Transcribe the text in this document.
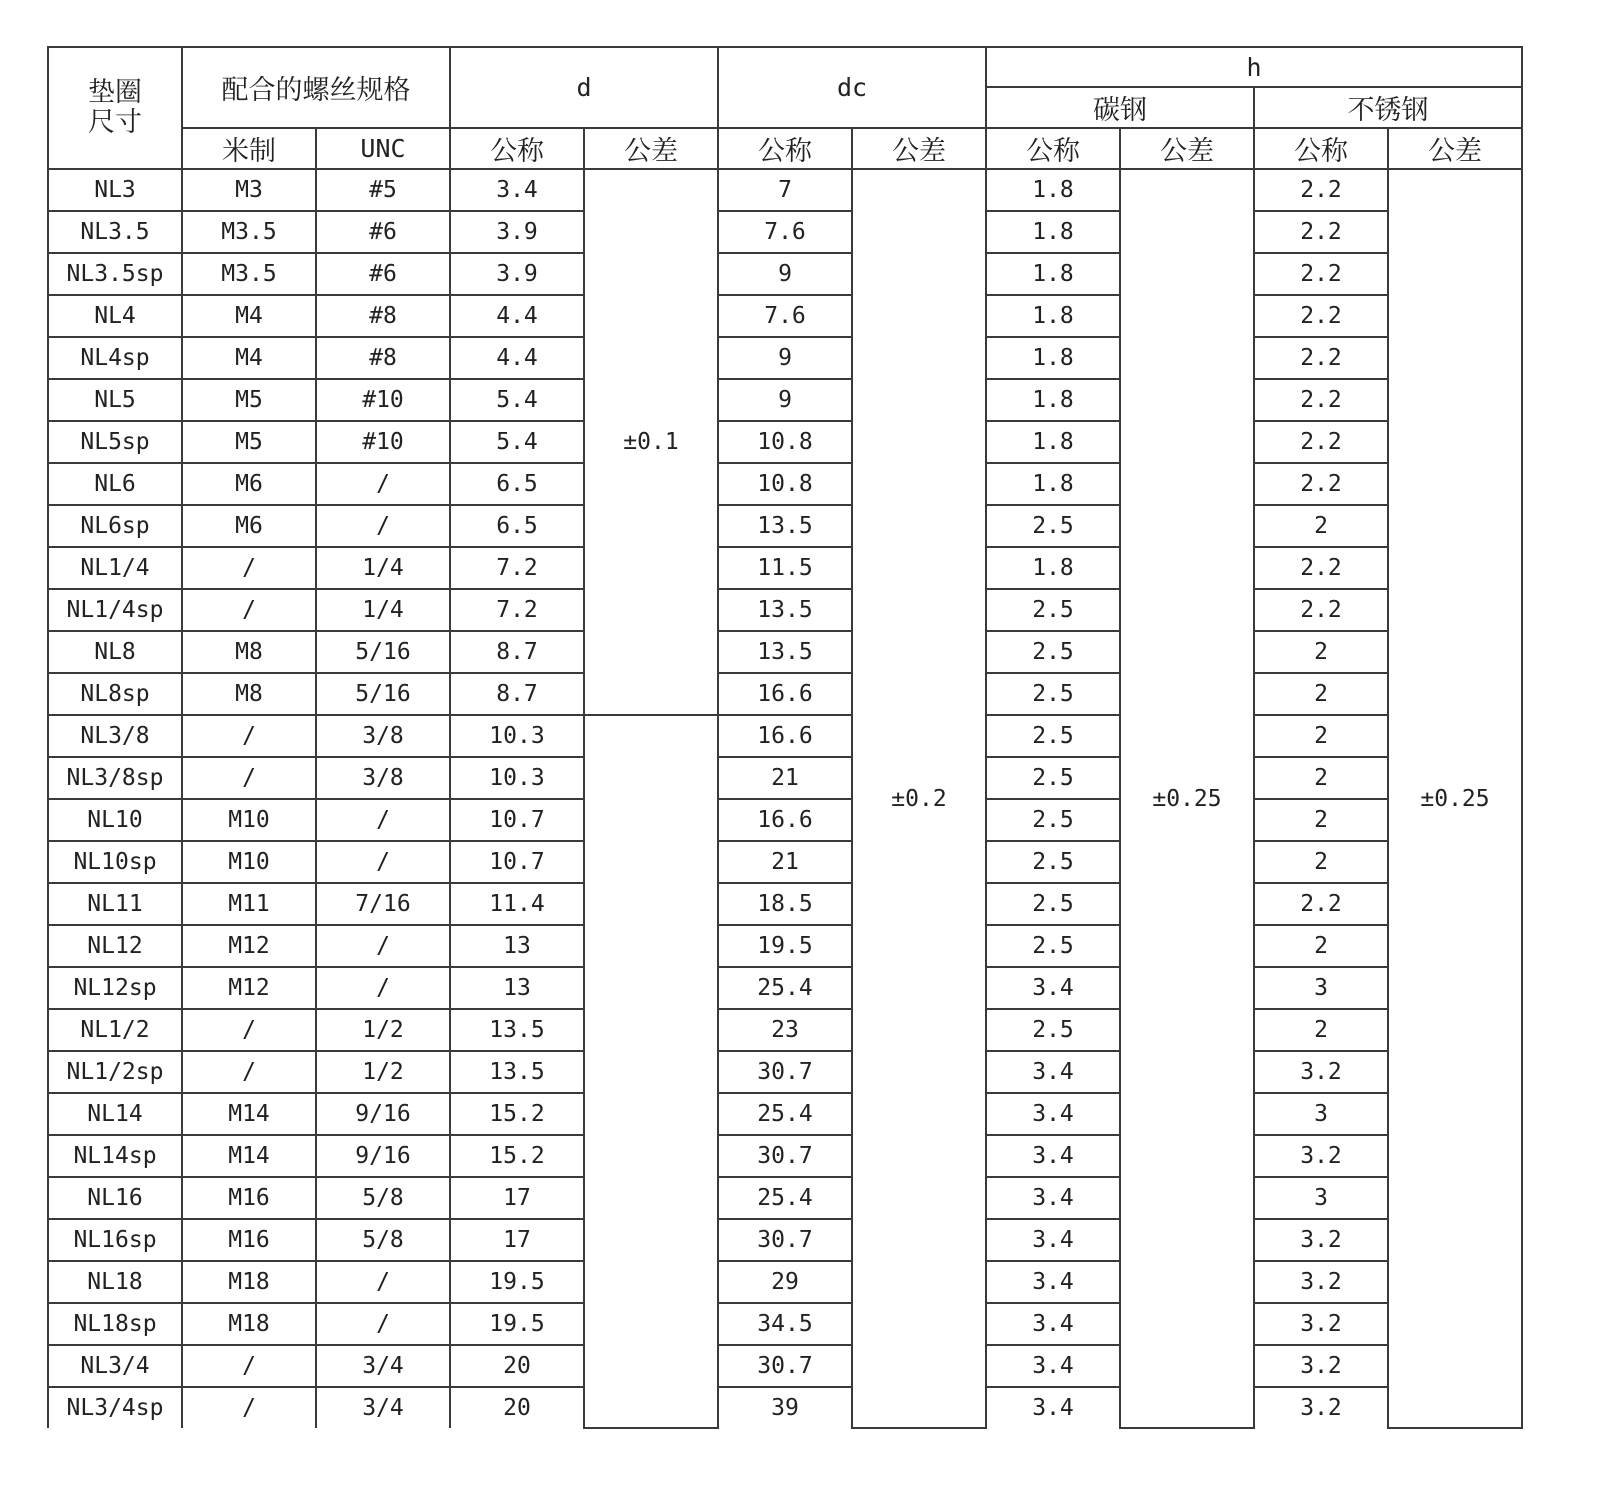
垫圈尺寸	配合的螺丝规格		d		dc		h			
							碳钢		不锈钢	
	米制	UNC	公称	公差	公称	公差	公称	公差	公称	公差
NL3	M3	#5	3.4	±0.1	7	±0.2	1.8	±0.25	2.2	±0.25
NL3.5	M3.5	#6	3.9		7.6		1.8		2.2	
NL3.5sp	M3.5	#6	3.9		9		1.8		2.2	
NL4	M4	#8	4.4		7.6		1.8		2.2	
NL4sp	M4	#8	4.4		9		1.8		2.2	
NL5	M5	#10	5.4		9		1.8		2.2	
NL5sp	M5	#10	5.4		10.8		1.8		2.2	
NL6	M6	/	6.5		10.8		1.8		2.2	
NL6sp	M6	/	6.5		13.5		2.5		2	
NL1/4	/	1/4	7.2		11.5		1.8		2.2	
NL1/4sp	/	1/4	7.2		13.5		2.5		2.2	
NL8	M8	5/16	8.7		13.5		2.5		2	
NL8sp	M8	5/16	8.7		16.6		2.5		2	
NL3/8	/	3/8	10.3		16.6		2.5		2	
NL3/8sp	/	3/8	10.3		21		2.5		2	
NL10	M10	/	10.7		16.6		2.5		2	
NL10sp	M10	/	10.7		21		2.5		2	
NL11	M11	7/16	11.4		18.5		2.5		2.2	
NL12	M12	/	13		19.5		2.5		2	
NL12sp	M12	/	13		25.4		3.4		3	
NL1/2	/	1/2	13.5		23		2.5		2	
NL1/2sp	/	1/2	13.5		30.7		3.4		3.2	
NL14	M14	9/16	15.2		25.4		3.4		3	
NL14sp	M14	9/16	15.2		30.7		3.4		3.2	
NL16	M16	5/8	17		25.4		3.4		3	
NL16sp	M16	5/8	17		30.7		3.4		3.2	
NL18	M18	/	19.5		29		3.4		3.2	
NL18sp	M18	/	19.5		34.5		3.4		3.2	
NL3/4	/	3/4	20		30.7		3.4		3.2	
NL3/4sp	/	3/4	20		39		3.4		3.2	
